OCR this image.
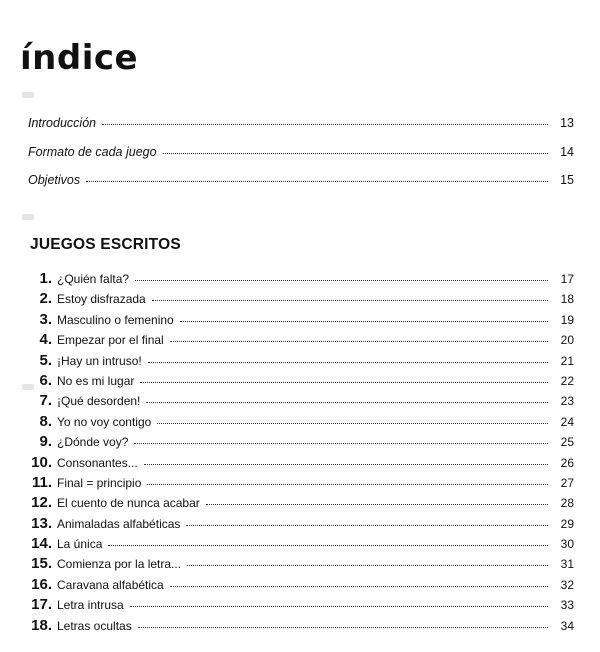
índice
Introducción	13
Formato de cada juego	14
Objetivos	15
JUEGOS ESCRITOS
1. ¿Quién falta?	17
2. Estoy disfrazada	18
3. Masculino o femenino	19
4. Empezar por el final	20
5. ¡Hay un intruso!	21
6. No es mi lugar	22
7. ¡Qué desorden!	23
8. Yo no voy contigo	24
9. ¿Dónde voy?	25
10. Consonantes...	26
11. Final = principio	27
12. El cuento de nunca acabar	28
13. Animaladas alfabéticas	29
14. La única	30
15. Comienza por la letra...	31
16. Caravana alfabética	32
17. Letra intrusa	33
18. Letras ocultas	34
